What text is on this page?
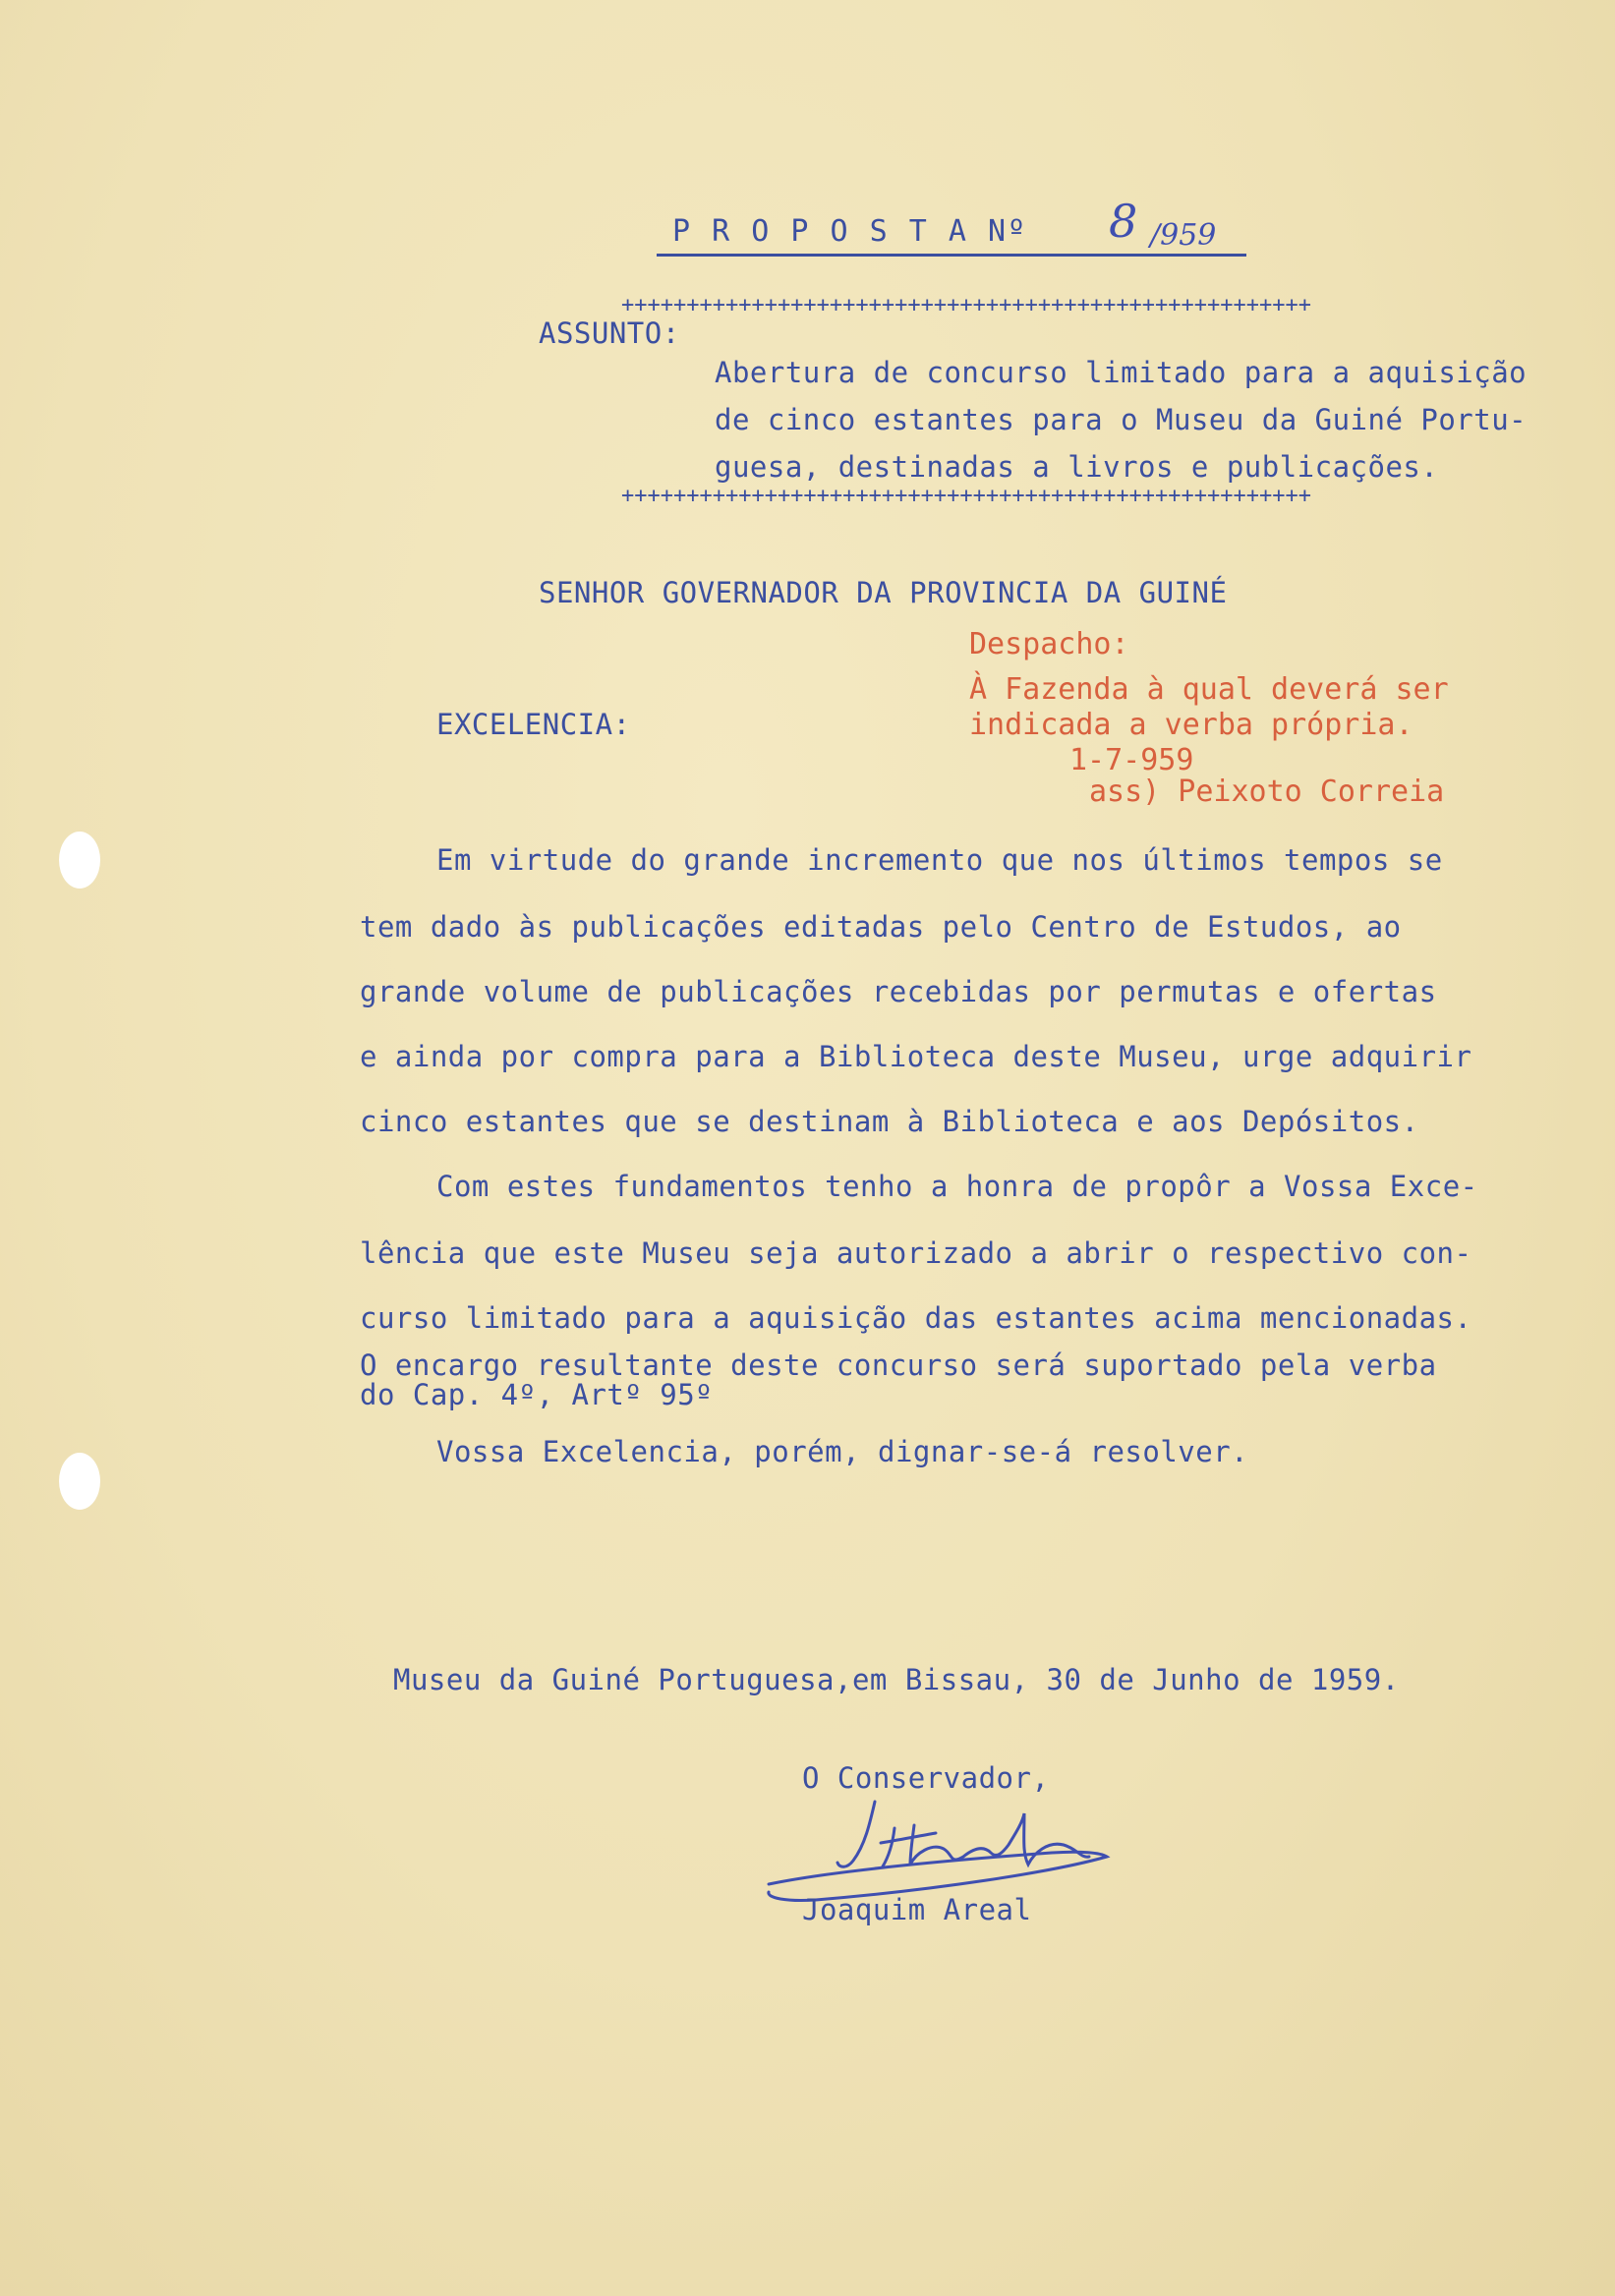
P R O P O S T A Nº 8 /959
+++++++++++++++++++++++++++++++++++++++++++++++++++++
ASSUNTO:
Abertura de concurso limitado para a aquisição
de cinco estantes para o Museu da Guiné Portu-
guesa, destinadas a livros e publicações.
+++++++++++++++++++++++++++++++++++++++++++++++++++++
SENHOR GOVERNADOR DA PROVINCIA DA GUINÉ
Despacho:
À Fazenda à qual deverá ser
indicada a verba própria.
1-7-959
ass) Peixoto Correia
EXCELENCIA:
Em virtude do grande incremento que nos últimos tempos se
tem dado às publicações editadas pelo Centro de Estudos, ao
grande volume de publicações recebidas por permutas e ofertas
e ainda por compra para a Biblioteca deste Museu, urge adquirir
cinco estantes que se destinam à Biblioteca e aos Depósitos.
Com estes fundamentos tenho a honra de propôr a Vossa Exce-
lência que este Museu seja autorizado a abrir o respectivo con-
curso limitado para a aquisição das estantes acima mencionadas.
O encargo resultante deste concurso será suportado pela verba
do Cap. 4º, Artº 95º
Vossa Excelencia, porém, dignar-se-á resolver.
Museu da Guiné Portuguesa,em Bissau, 30 de Junho de 1959.
O Conservador,
Joaquim Areal
